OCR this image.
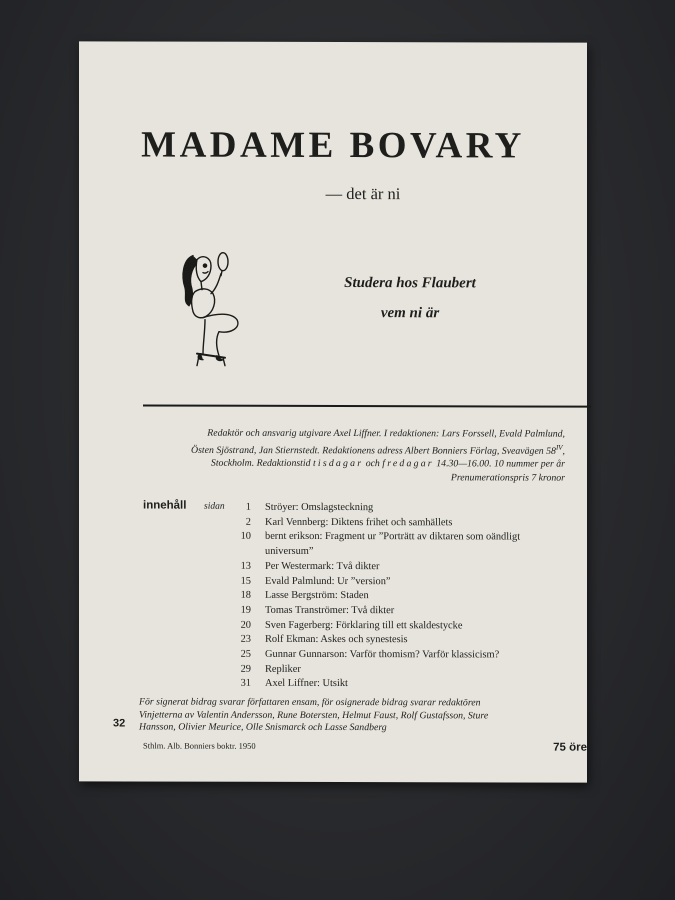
MADAME BOVARY
— det är ni
Studera hos Flaubert
vem ni är
Redaktör och ansvarig utgivare Axel Liffner. I redaktionen: Lars Forssell, Evald Palmlund,
Östen Sjöstrand, Jan Stiernstedt. Redaktionens adress Albert Bonniers Förlag, Sveavägen $58^{IV}$,
Stockholm. Redaktionstid tisdagar och fredagar 14.30—16.00. 10 nummer per år
Prenumerationspris 7 kronor
innehåll sidan	1	Ströyer: Omslagsteckning
2	Karl Vennberg: Diktens frihet och samhällets
10	bernt erikson: Fragment ur ”Porträtt av diktaren som oändligt
universum”
13	Per Westermark: Två dikter
15	Evald Palmlund: Ur ”version”
18	Lasse Bergström: Staden
19	Tomas Tranströmer: Två dikter
20	Sven Fagerberg: Förklaring till ett skaldestycke
23	Rolf Ekman: Askes och synestesis
25	Gunnar Gunnarson: Varför thomism? Varför klassicism?
29	Repliker
31	Axel Liffner: Utsikt
För signerat bidrag svarar författaren ensam, för osignerade bidrag svarar redaktören
Vinjetterna av Valentin Andersson, Rune Botersten, Helmut Faust, Rolf Gustafsson, Sture
Hansson, Olivier Meurice, Olle Snismarck och Lasse Sandberg
32
Sthlm. Alb. Bonniers boktr. 1950	75 öre
